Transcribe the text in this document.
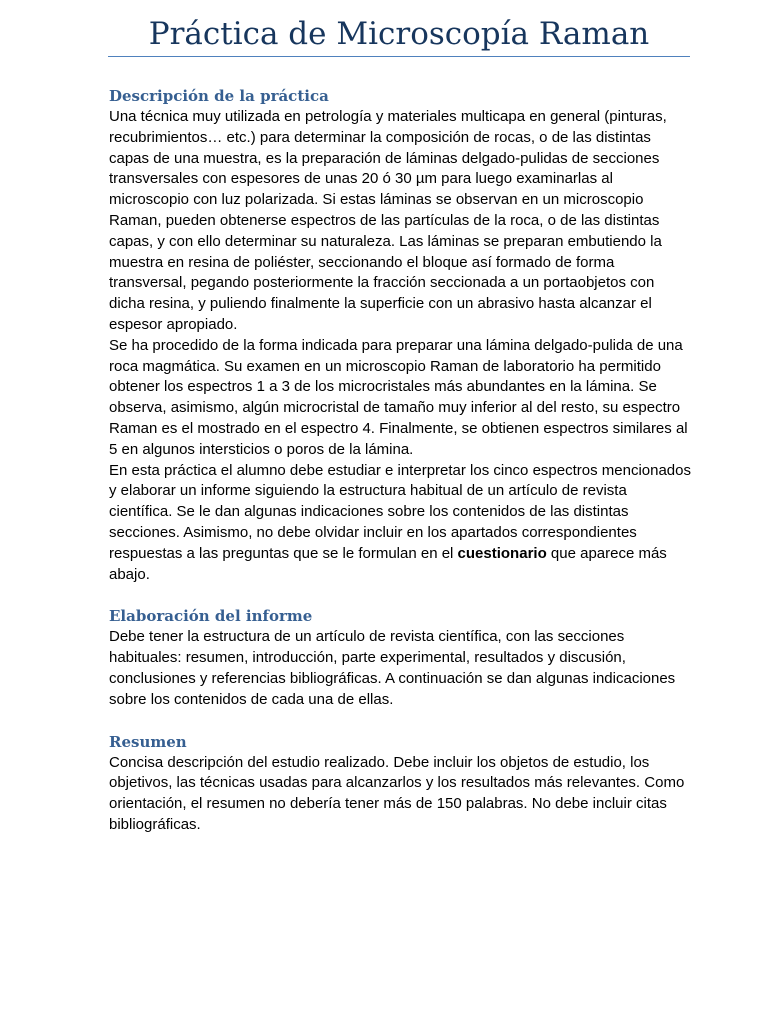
Práctica de Microscopía Raman
Descripción de la práctica

Una técnica muy utilizada en petrología y materiales multicapa en general (pinturas, recubrimientos… etc.) para determinar la composición de rocas, o de las distintas capas de una muestra, es la preparación de láminas delgado-pulidas de secciones transversales con espesores de unas 20 ó 30 µm para luego examinarlas al microscopio con luz polarizada. Si estas láminas se observan en un microscopio Raman, pueden obtenerse espectros de las partículas de la roca, o de las distintas capas, y con ello determinar su naturaleza. Las láminas se preparan embutiendo la muestra en resina de poliéster, seccionando el bloque así formado de forma transversal, pegando posteriormente la fracción seccionada a un portaobjetos con dicha resina, y puliendo finalmente la superficie con un abrasivo hasta alcanzar el espesor apropiado.

Se ha procedido de la forma indicada para preparar una lámina delgado-pulida de una roca magmática. Su examen en un microscopio Raman de laboratorio ha permitido obtener los espectros 1 a 3 de los microcristales más abundantes en la lámina. Se observa, asimismo, algún microcristal de tamaño muy inferior al del resto, su espectro Raman es el mostrado en el espectro 4. Finalmente, se obtienen espectros similares al 5 en algunos intersticios o poros de la lámina.

En esta práctica el alumno debe estudiar e interpretar los cinco espectros mencionados y elaborar un informe siguiendo la estructura habitual de un artículo de revista científica. Se le dan algunas indicaciones sobre los contenidos de las distintas secciones. Asimismo, no debe olvidar incluir en los apartados correspondientes respuestas a las preguntas que se le formulan en el cuestionario que aparece más abajo.

Elaboración del informe

Debe tener la estructura de un artículo de revista científica, con las secciones habituales: resumen, introducción, parte experimental, resultados y discusión, conclusiones y referencias bibliográficas. A continuación se dan algunas indicaciones sobre los contenidos de cada una de ellas.

Resumen

Concisa descripción del estudio realizado. Debe incluir los objetos de estudio, los objetivos, las técnicas usadas para alcanzarlos y los resultados más relevantes. Como orientación, el resumen no debería tener más de 150 palabras. No debe incluir citas bibliográficas.
